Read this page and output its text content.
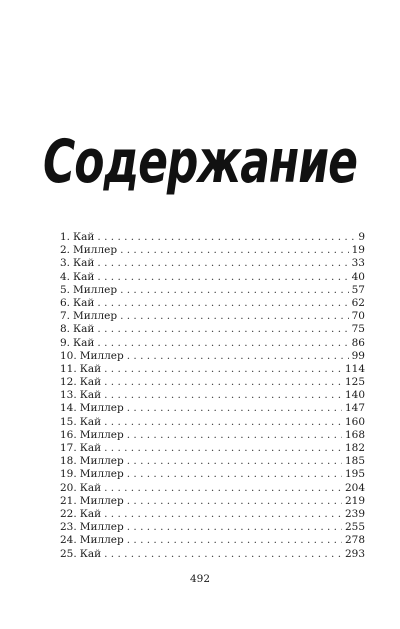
Содержание
1. Кай . . .	9
2. Миллер . . .	19
3. Кай . . .	33
4. Кай . . .	40
5. Миллер . . .	57
6. Кай . . .	62
7. Миллер . . .	70
8. Кай . . .	75
9. Кай . . .	86
10. Миллер . . .	99
11. Кай . . .	114
12. Кай . . .	125
13. Кай . . .	140
14. Миллер . . .	147
15. Кай . . .	160
16. Миллер . . .	168
17. Кай . . .	182
18. Миллер . . .	185
19. Миллер . . .	195
20. Кай . . .	204
21. Миллер . . .	219
22. Кай . . .	239
23. Миллер . . .	255
24. Миллер . . .	278
25. Кай . . .	293
492
